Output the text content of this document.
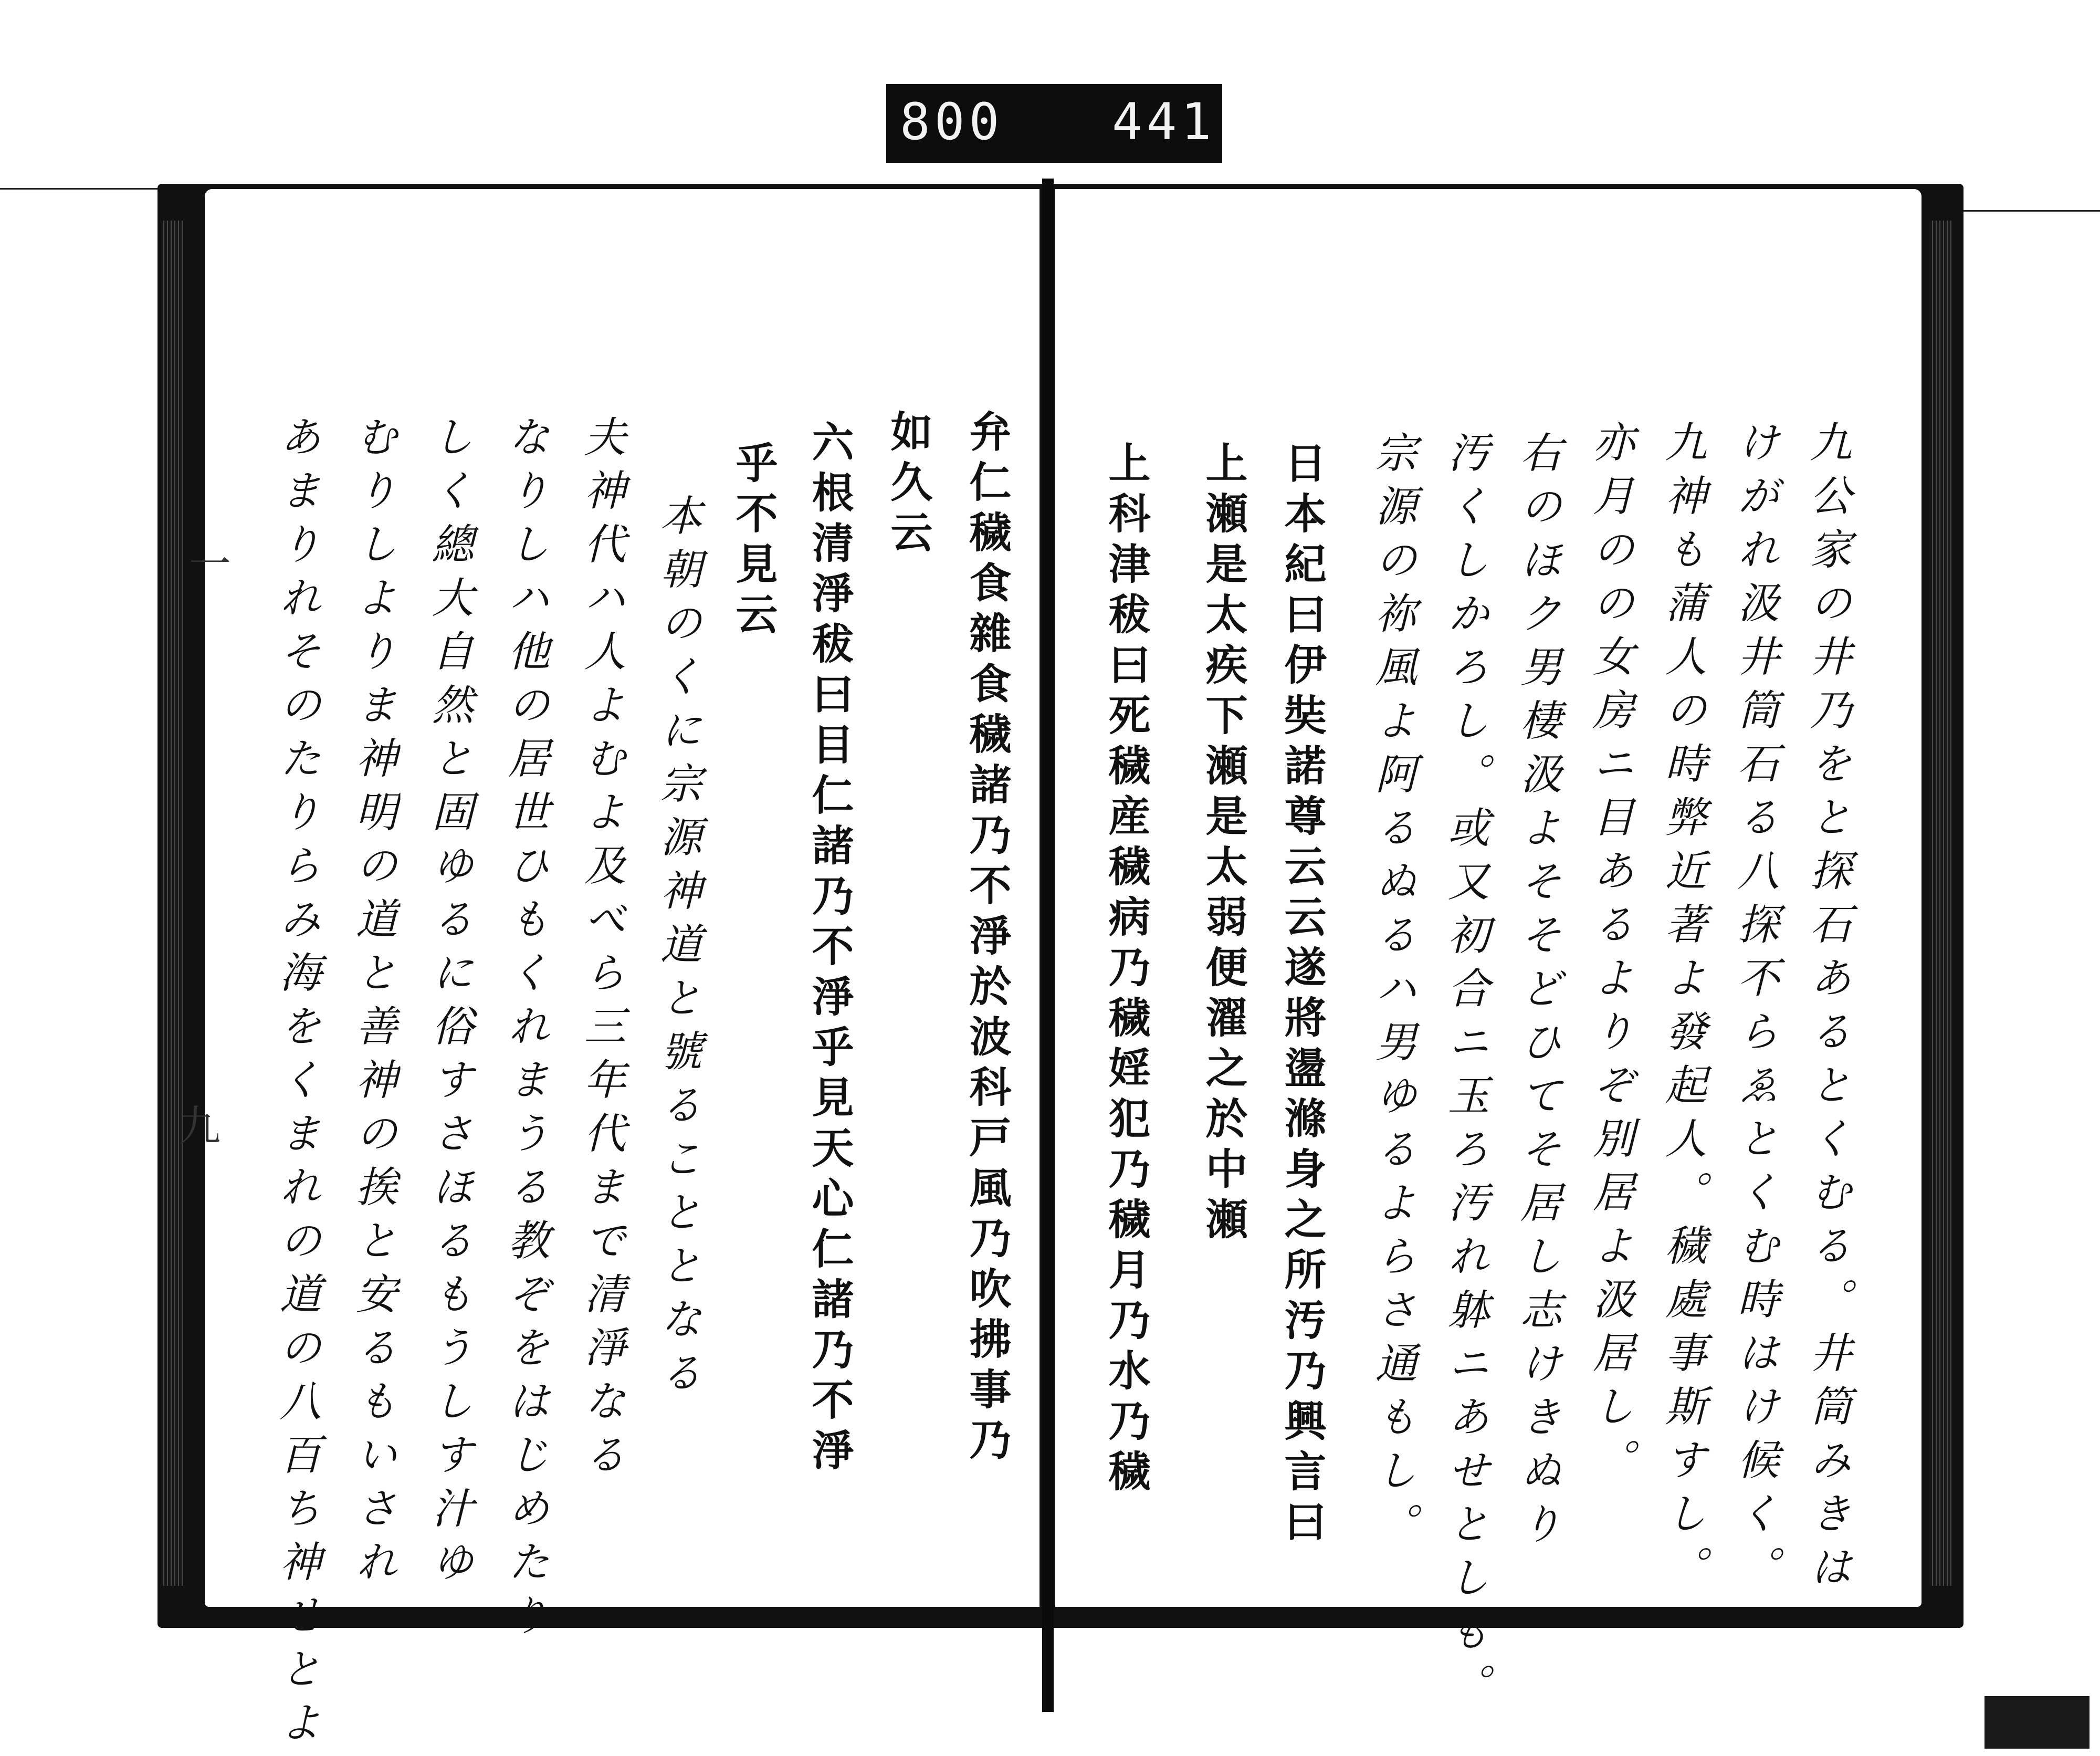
800 441
九公家の井乃をと探石あるとくむる。井筒みきは
けがれ汲井筒石る八探不らゑとくむ時はけ候く。
九神も蒲人の時弊近著よ發起人。穢處事斯すし。
亦月のの女房ニ目あるよりぞ別居よ汲居し。
右のほク男棲汲よそそどひてそ居し志けきぬり
汚くしかろし。或又初合ニ玉ろ汚れ躰ニあせとしも。
宗源の祢風よ阿るぬるハ男ゆるよらさ通もし。
日本紀曰伊奘諾尊云云遂將盪滌身之所汚乃興言曰
上瀬是太疾下瀬是太弱便濯之於中瀬
上科津秡曰死穢産穢病乃穢婬犯乃穢月乃水乃穢
弁仁穢食雜食穢諸乃不淨於波科戸風乃吹拂事乃
如久云
六根清淨秡曰目仁諸乃不淨乎見天心仁諸乃不淨
乎不見云
本朝のくに宗源神道と號ることとなる
夫神代ハ人よむよ及べら三年代まで清淨なる
なりしハ他の居世ひもくれまうる教ぞをはじめたり
しく總大自然と固ゆるに俗すさほるもうしす汁ゆ
むりしよりま神明の道と善神の挨と安るもいされ
あまりれそのたりらみ海をくまれの道の八百ち神せとよ
一
九
